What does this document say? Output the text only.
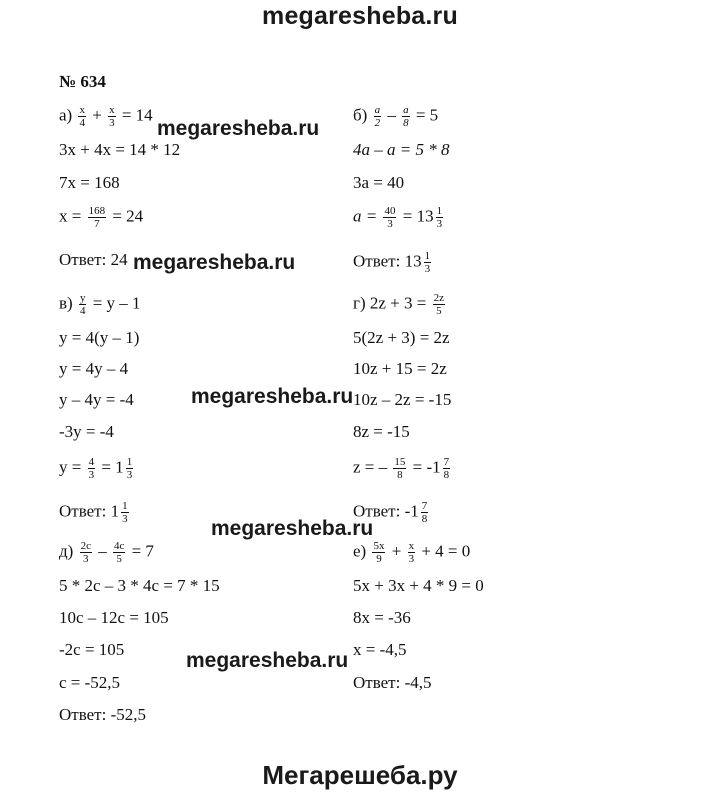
megaresheba.ru
№ 634
$а) \frac{x}{4} + \frac{x}{3} = 14$
3x + 4x = 14 * 12
7x = 168
$x = \frac{168}{7} = 24$
Ответ: 24
$б) \frac{a}{2} - \frac{a}{8} = 5$
4a – a = 5 * 8
3a = 40
$a = \frac{40}{3} = 13 \frac{1}{3}$
Ответ: $13 \frac{1}{3}$
$в) \frac{y}{4} = y - 1$
y = 4(y – 1)
y = 4y – 4
y – 4y = -4
-3y = -4
$y = \frac{4}{3} = 1 \frac{1}{3}$
Ответ: $1 \frac{1}{3}$
г) $2z + 3 = \frac{2z}{5}$
5(2z + 3) = 2z
10z + 15 = 2z
10z – 2z = -15
8z = -15
z = – $\frac{15}{8} = -1 \frac{7}{8}$
Ответ: $-1 \frac{7}{8}$
$д) \frac{2c}{3} - \frac{4c}{5} = 7$
5 * 2c – 3 * 4c = 7 * 15
10c – 12c = 105
-2c = 105
c = -52,5
Ответ: -52,5
$е) \frac{5x}{9} + \frac{x}{3} + 4 = 0$
5x + 3x + 4 * 9 = 0
8x = -36
x = -4,5
Ответ: -4,5
megaresheba.ru
megaresheba.ru
megaresheba.ru
megaresheba.ru
megaresheba.ru
Мегарешеба.ру
